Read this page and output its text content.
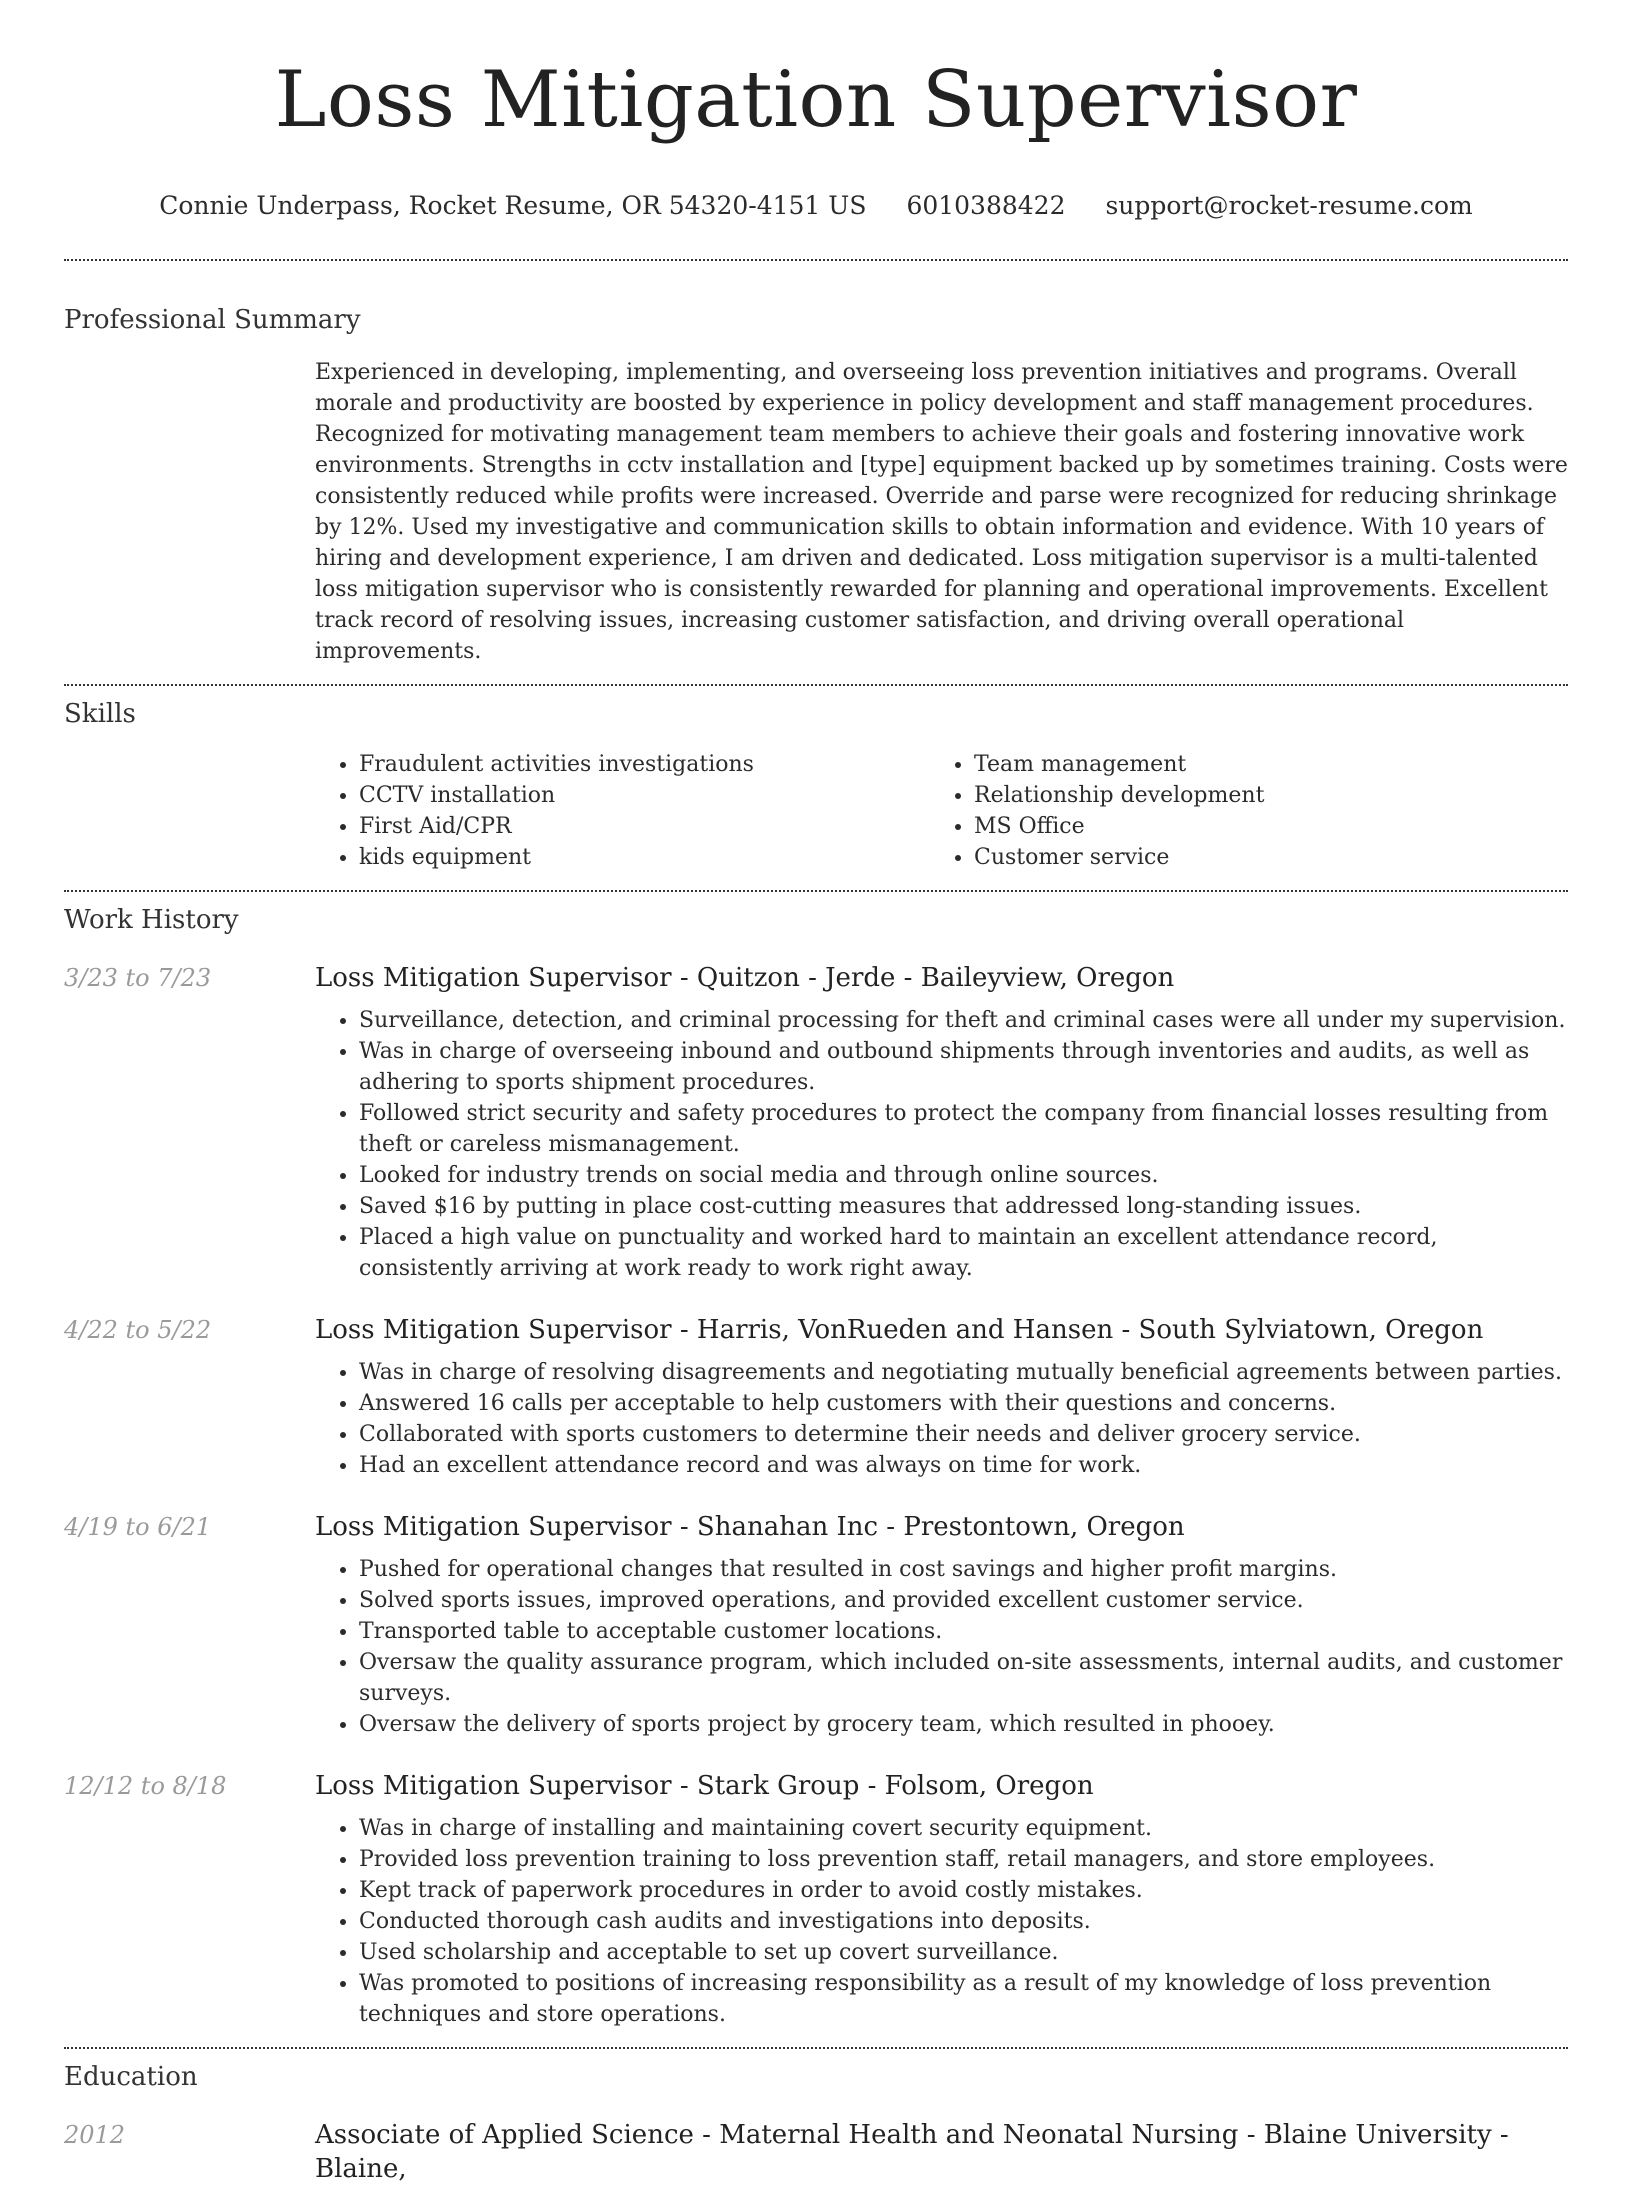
Loss Mitigation Supervisor
Connie Underpass, Rocket Resume, OR 54320-4151 US 6010388422 support@rocket-resume.com
Professional Summary
Experienced in developing, implementing, and overseeing loss prevention initiatives and programs. Overall morale and productivity are boosted by experience in policy development and staff management procedures. Recognized for motivating management team members to achieve their goals and fostering innovative work environments. Strengths in cctv installation and [type] equipment backed up by sometimes training. Costs were consistently reduced while profits were increased. Override and parse were recognized for reducing shrinkage by 12%. Used my investigative and communication skills to obtain information and evidence. With 10 years of hiring and development experience, I am driven and dedicated. Loss mitigation supervisor is a multi-talented loss mitigation supervisor who is consistently rewarded for planning and operational improvements. Excellent track record of resolving issues, increasing customer satisfaction, and driving overall operational improvements.
Skills
• Fraudulent activities investigations
• CCTV installation
• First Aid/CPR
• kids equipment
• Team management
• Relationship development
• MS Office
• Customer service
Work History
3/23 to 7/23	Loss Mitigation Supervisor - Quitzon - Jerde - Baileyview, Oregon
• Surveillance, detection, and criminal processing for theft and criminal cases were all under my supervision.
• Was in charge of overseeing inbound and outbound shipments through inventories and audits, as well as adhering to sports shipment procedures.
• Followed strict security and safety procedures to protect the company from financial losses resulting from theft or careless mismanagement.
• Looked for industry trends on social media and through online sources.
• Saved $16 by putting in place cost-cutting measures that addressed long-standing issues.
• Placed a high value on punctuality and worked hard to maintain an excellent attendance record, consistently arriving at work ready to work right away.
4/22 to 5/22	Loss Mitigation Supervisor - Harris, VonRueden and Hansen - South Sylviatown, Oregon
• Was in charge of resolving disagreements and negotiating mutually beneficial agreements between parties.
• Answered 16 calls per acceptable to help customers with their questions and concerns.
• Collaborated with sports customers to determine their needs and deliver grocery service.
• Had an excellent attendance record and was always on time for work.
4/19 to 6/21	Loss Mitigation Supervisor - Shanahan Inc - Prestontown, Oregon
• Pushed for operational changes that resulted in cost savings and higher profit margins.
• Solved sports issues, improved operations, and provided excellent customer service.
• Transported table to acceptable customer locations.
• Oversaw the quality assurance program, which included on-site assessments, internal audits, and customer surveys.
• Oversaw the delivery of sports project by grocery team, which resulted in phooey.
12/12 to 8/18	Loss Mitigation Supervisor - Stark Group - Folsom, Oregon
• Was in charge of installing and maintaining covert security equipment.
• Provided loss prevention training to loss prevention staff, retail managers, and store employees.
• Kept track of paperwork procedures in order to avoid costly mistakes.
• Conducted thorough cash audits and investigations into deposits.
• Used scholarship and acceptable to set up covert surveillance.
• Was promoted to positions of increasing responsibility as a result of my knowledge of loss prevention techniques and store operations.
Education
2012	Associate of Applied Science - Maternal Health and Neonatal Nursing - Blaine University - Blaine,
